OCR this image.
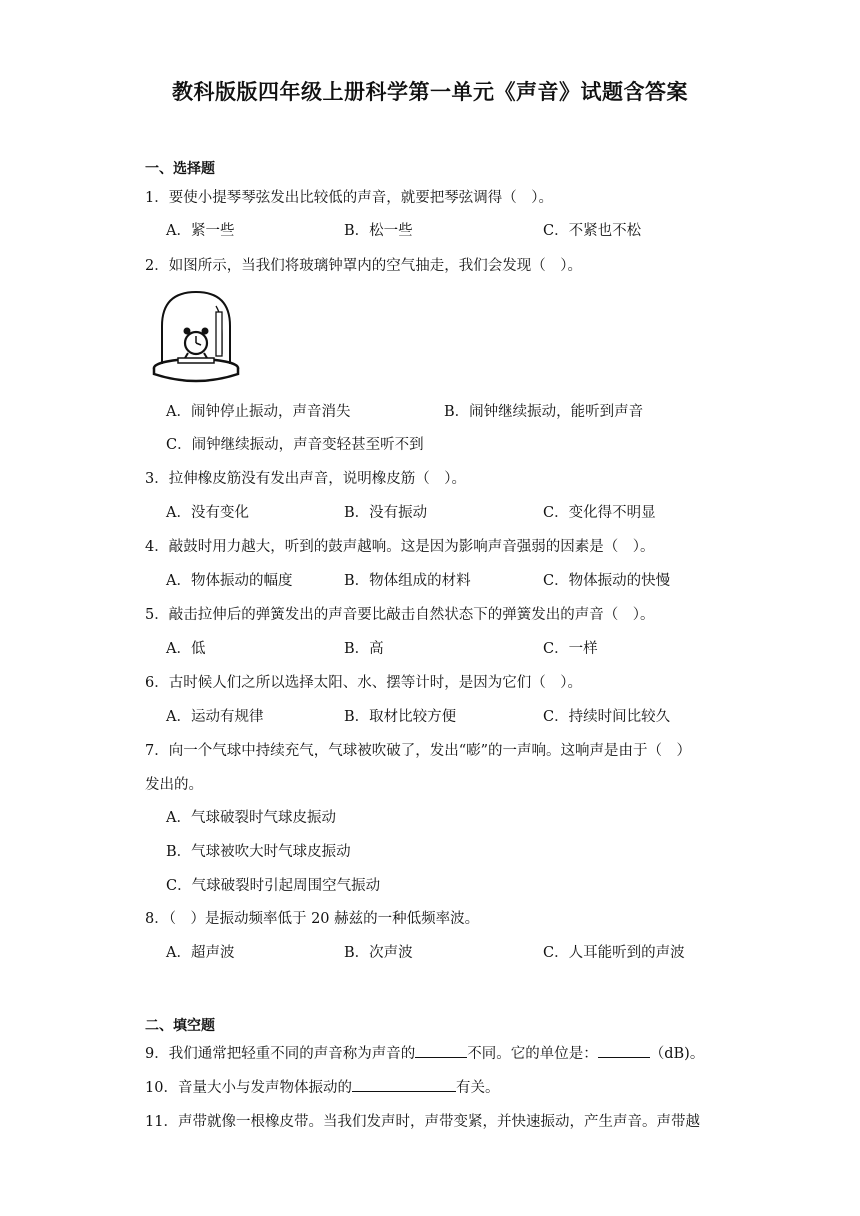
教科版版四年级上册科学第一单元《声音》试题含答案
一、选择题
1．要使小提琴琴弦发出比较低的声音，就要把琴弦调得（　）。
A．紧一些	B．松一些	C．不紧也不松
2．如图所示，当我们将玻璃钟罩内的空气抽走，我们会发现（　）。
A．闹钟停止振动，声音消失	B．闹钟继续振动，能听到声音
C．闹钟继续振动，声音变轻甚至听不到
3．拉伸橡皮筋没有发出声音，说明橡皮筋（　）。
A．没有变化	B．没有振动	C．变化得不明显
4．敲鼓时用力越大，听到的鼓声越响。这是因为影响声音强弱的因素是（　）。
A．物体振动的幅度	B．物体组成的材料	C．物体振动的快慢
5．敲击拉伸后的弹簧发出的声音要比敲击自然状态下的弹簧发出的声音（　）。
A．低	B．高	C．一样
6．古时候人们之所以选择太阳、水、摆等计时，是因为它们（　）。
A．运动有规律	B．取材比较方便	C．持续时间比较久
7．向一个气球中持续充气，气球被吹破了，发出“嘭”的一声响。这响声是由于（　）
发出的。
A．气球破裂时气球皮振动
B．气球被吹大时气球皮振动
C．气球破裂时引起周围空气振动
8．（　）是振动频率低于 20 赫兹的一种低频率波。
A．超声波	B．次声波	C．人耳能听到的声波
二、填空题
9．我们通常把轻重不同的声音称为声音的	不同。它的单位是：	（dB)。
10．音量大小与发声物体振动的	有关。
11．声带就像一根橡皮带。当我们发声时，声带变紧，并快速振动，产生声音。声带越
